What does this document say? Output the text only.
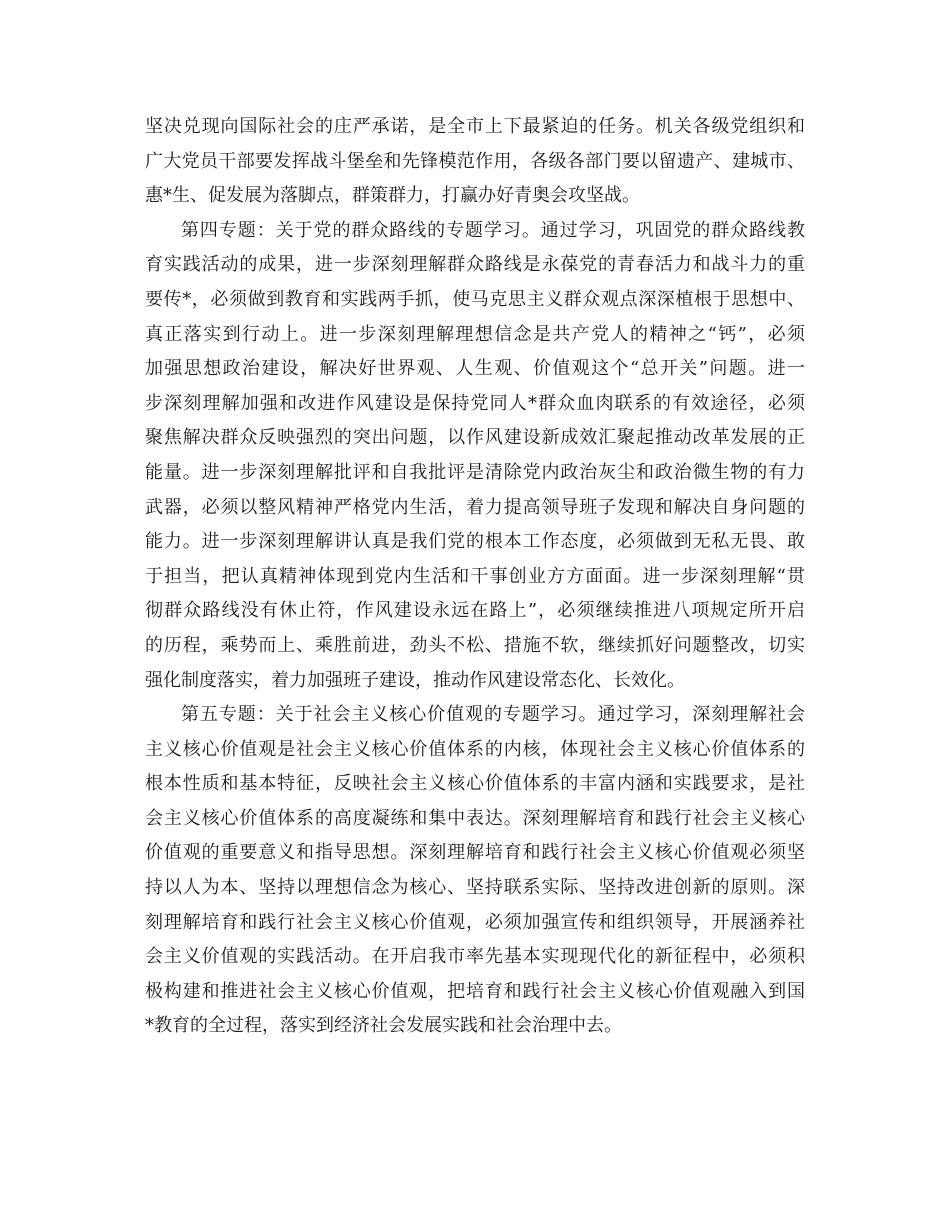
坚决兑现向国际社会的庄严承诺，是全市上下最紧迫的任务。机关各级党组织和
广大党员干部要发挥战斗堡垒和先锋模范作用，各级各部门要以留遗产、建城市、
惠*生、促发展为落脚点，群策群力，打赢办好青奥会攻坚战。
第四专题：关于党的群众路线的专题学习。通过学习，巩固党的群众路线教
育实践活动的成果，进一步深刻理解群众路线是永葆党的青春活力和战斗力的重
要传*，必须做到教育和实践两手抓，使马克思主义群众观点深深植根于思想中、
真正落实到行动上。进一步深刻理解理想信念是共产党人的精神之“钙”，必须
加强思想政治建设，解决好世界观、人生观、价值观这个“总开关”问题。进一
步深刻理解加强和改进作风建设是保持党同人*群众血肉联系的有效途径，必须
聚焦解决群众反映强烈的突出问题，以作风建设新成效汇聚起推动改革发展的正
能量。进一步深刻理解批评和自我批评是清除党内政治灰尘和政治微生物的有力
武器，必须以整风精神严格党内生活，着力提高领导班子发现和解决自身问题的
能力。进一步深刻理解讲认真是我们党的根本工作态度，必须做到无私无畏、敢
于担当，把认真精神体现到党内生活和干事创业方方面面。进一步深刻理解“贯
彻群众路线没有休止符，作风建设永远在路上”，必须继续推进八项规定所开启
的历程，乘势而上、乘胜前进，劲头不松、措施不软，继续抓好问题整改，切实
强化制度落实，着力加强班子建设，推动作风建设常态化、长效化。
第五专题：关于社会主义核心价值观的专题学习。通过学习，深刻理解社会
主义核心价值观是社会主义核心价值体系的内核，体现社会主义核心价值体系的
根本性质和基本特征，反映社会主义核心价值体系的丰富内涵和实践要求，是社
会主义核心价值体系的高度凝练和集中表达。深刻理解培育和践行社会主义核心
价值观的重要意义和指导思想。深刻理解培育和践行社会主义核心价值观必须坚
持以人为本、坚持以理想信念为核心、坚持联系实际、坚持改进创新的原则。深
刻理解培育和践行社会主义核心价值观，必须加强宣传和组织领导，开展涵养社
会主义价值观的实践活动。在开启我市率先基本实现现代化的新征程中，必须积
极构建和推进社会主义核心价值观，把培育和践行社会主义核心价值观融入到国
*教育的全过程，落实到经济社会发展实践和社会治理中去。
